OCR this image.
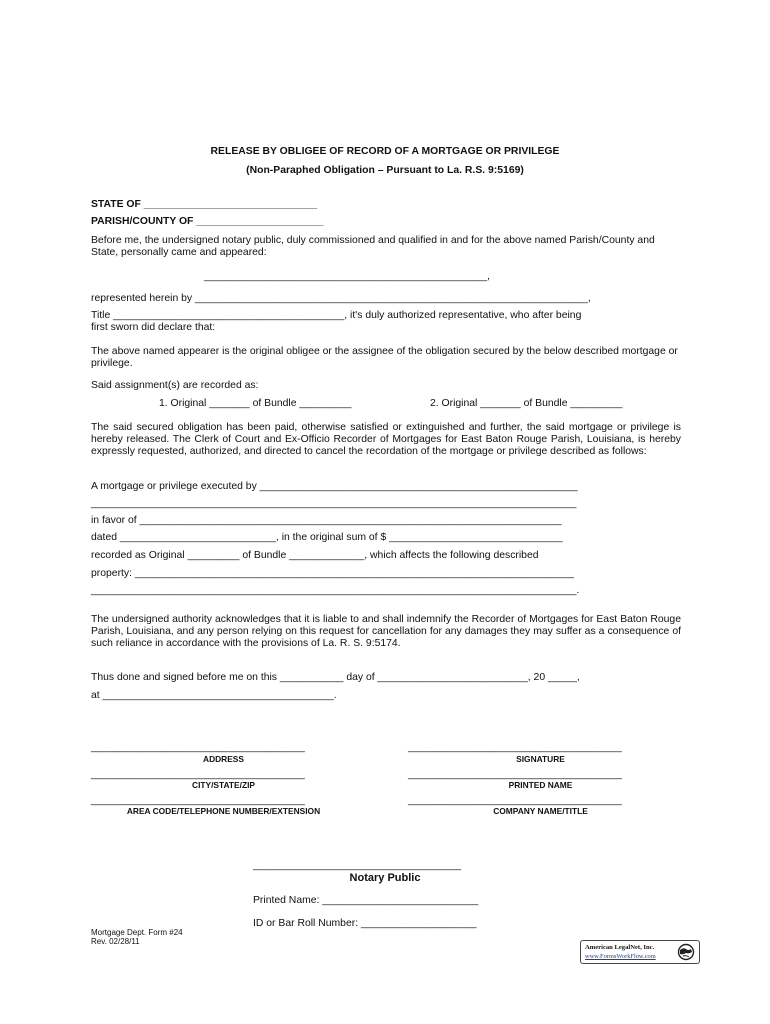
RELEASE BY OBLIGEE OF RECORD OF A MORTGAGE OR PRIVILEGE

(Non-Paraphed Obligation – Pursuant to La. R.S. 9:5169)

STATE OF ______________________________

PARISH/COUNTY OF ______________________

Before me, the undersigned notary public, duly commissioned and qualified in and for the above named Parish/County and State, personally came and appeared:

_________________________________________________,

represented herein by ____________________________________________________________________,

Title ________________________________________, it's duly authorized representative, who after being

first sworn did declare that:

The above named appearer is the original obligee or the assignee of the obligation secured by the below described mortgage or privilege.

Said assignment(s) are recorded as:

1. Original _______ of Bundle _________	2. Original _______ of Bundle _________

The said secured obligation has been paid, otherwise satisfied or extinguished and further, the said mortgage or privilege is hereby released. The Clerk of Court and Ex-Officio Recorder of Mortgages for East Baton Rouge Parish, Louisiana, is hereby expressly requested, authorized, and directed to cancel the recordation of the mortgage or privilege described as follows:

A mortgage or privilege executed by _______________________________________________________

____________________________________________________________________________________

in favor of _________________________________________________________________________

dated ___________________________, in the original sum of $ ______________________________

recorded as Original _________ of Bundle _____________, which affects the following described

property: ____________________________________________________________________________

____________________________________________________________________________________.

The undersigned authority acknowledges that it is liable to and shall indemnify the Recorder of Mortgages for East Baton Rouge Parish, Louisiana, and any person relying on this request for cancellation for any damages they may suffer as a consequence of such reliance in accordance with the provisions of La. R. S. 9:5174.

Thus done and signed before me on this ___________ day of __________________________, 20 _____,

at ________________________________________.

_____________________________________

ADDRESS

_____________________________________

CITY/STATE/ZIP

_____________________________________

AREA CODE/TELEPHONE NUMBER/EXTENSION

_____________________________________

SIGNATURE

_____________________________________

PRINTED NAME

_____________________________________

COMPANY NAME/TITLE

____________________________________

Notary Public

Printed Name: ___________________________

ID or Bar Roll Number: ____________________

Mortgage Dept. Form #24

Rev. 02/28/11

American LegalNet, Inc.

www.FormsWorkFlow.com
